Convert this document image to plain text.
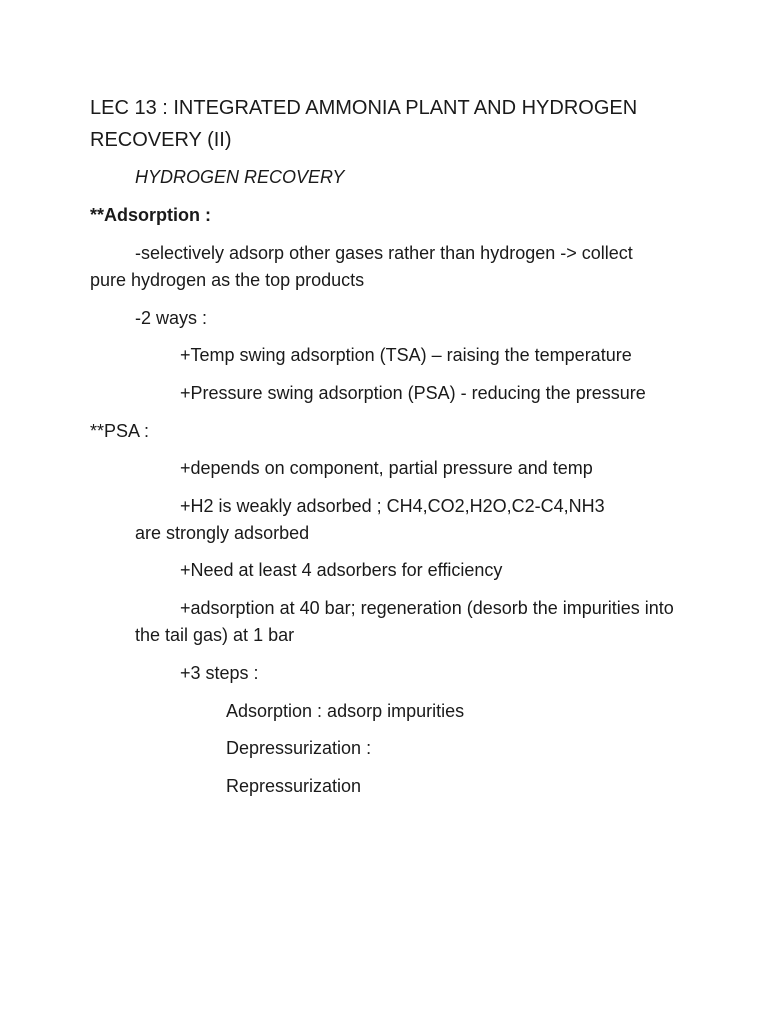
LEC 13 : INTEGRATED AMMONIA PLANT AND HYDROGEN RECOVERY (II)

HYDROGEN RECOVERY

**Adsorption :

-selectively adsorp other gases rather than hydrogen -> collect pure hydrogen as the top products

-2 ways :

+Temp swing adsorption (TSA) – raising the temperature

+Pressure swing adsorption (PSA) - reducing the pressure

**PSA :

+depends on component, partial pressure and temp

+H2 is weakly adsorbed ; CH4,CO2,H2O,C2-C4,NH3 are strongly adsorbed

+Need at least 4 adsorbers for efficiency

+adsorption at 40 bar; regeneration (desorb the impurities into the tail gas) at 1 bar

+3 steps :

Adsorption : adsorp impurities

Depressurization :

Repressurization
